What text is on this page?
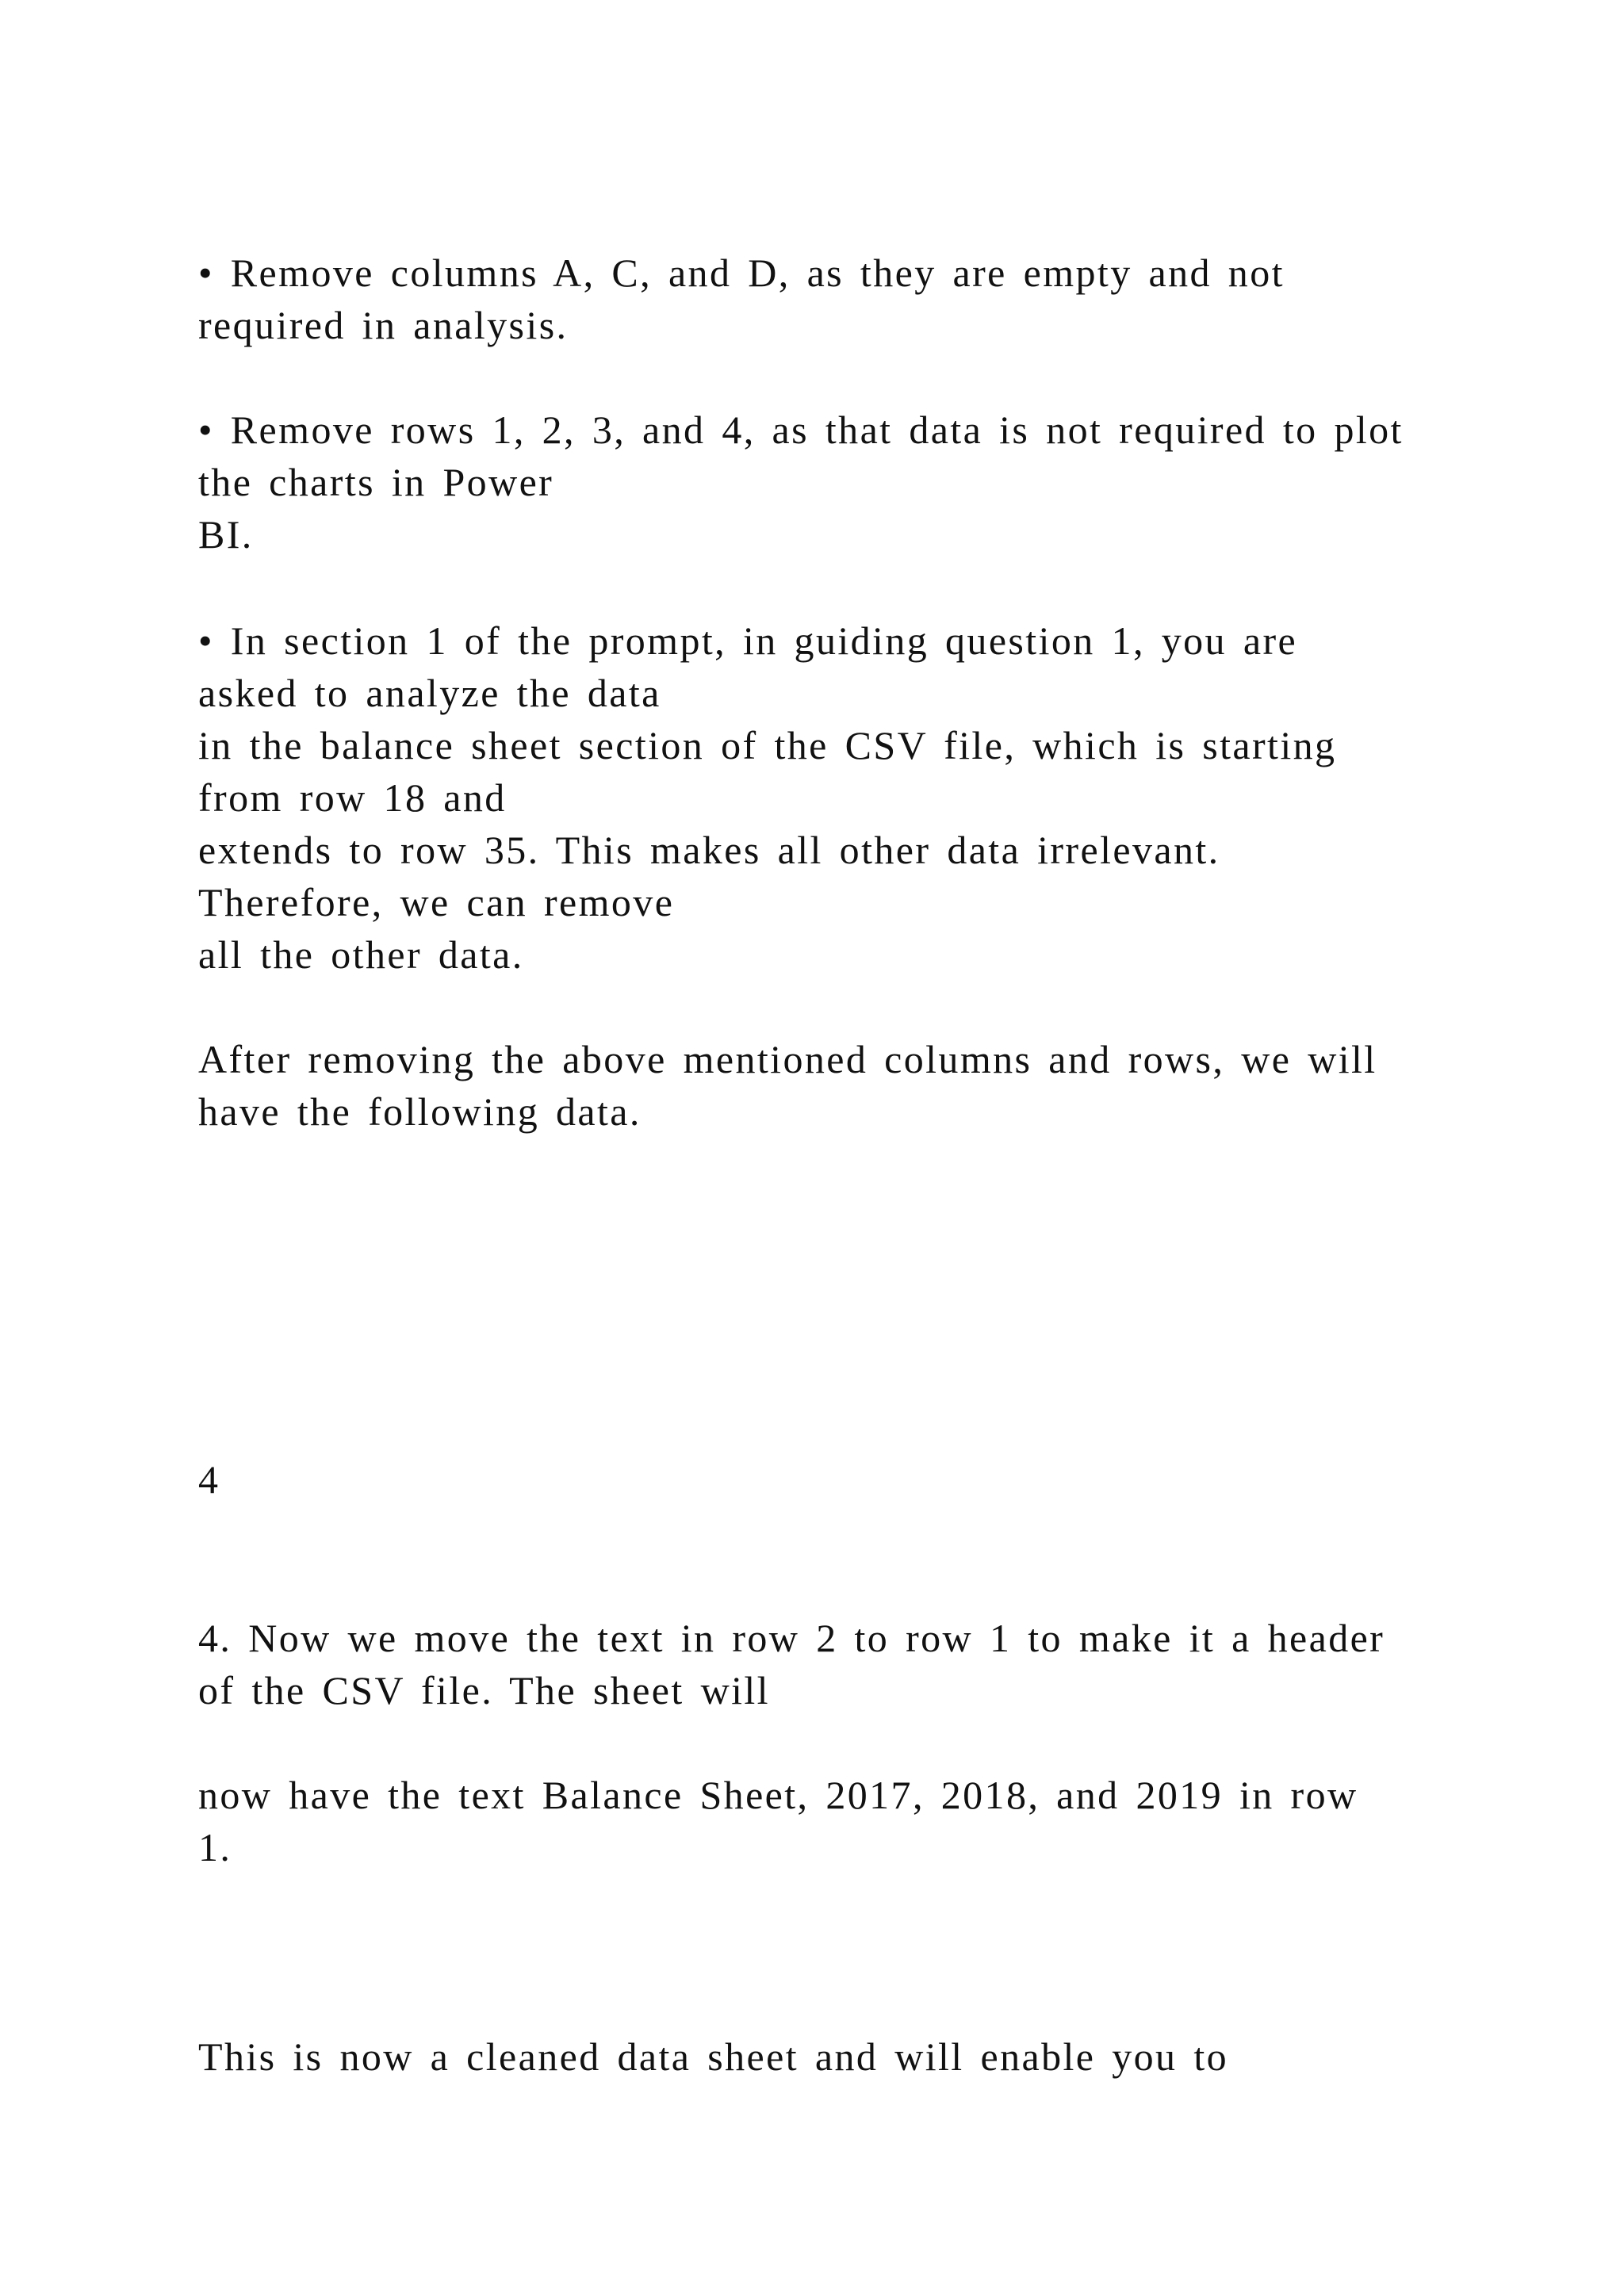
• Remove columns A, C, and D, as they are empty and not
required in analysis.
• Remove rows 1, 2, 3, and 4, as that data is not required to plot
the charts in Power
BI.
• In section 1 of the prompt, in guiding question 1, you are
asked to analyze the data
in the balance sheet section of the CSV file, which is starting
from row 18 and
extends to row 35. This makes all other data irrelevant.
Therefore, we can remove
all the other data.
After removing the above mentioned columns and rows, we will
have the following data.
4
4. Now we move the text in row 2 to row 1 to make it a header
of the CSV file. The sheet will
now have the text Balance Sheet, 2017, 2018, and 2019 in row
1.
This is now a cleaned data sheet and will enable you to
